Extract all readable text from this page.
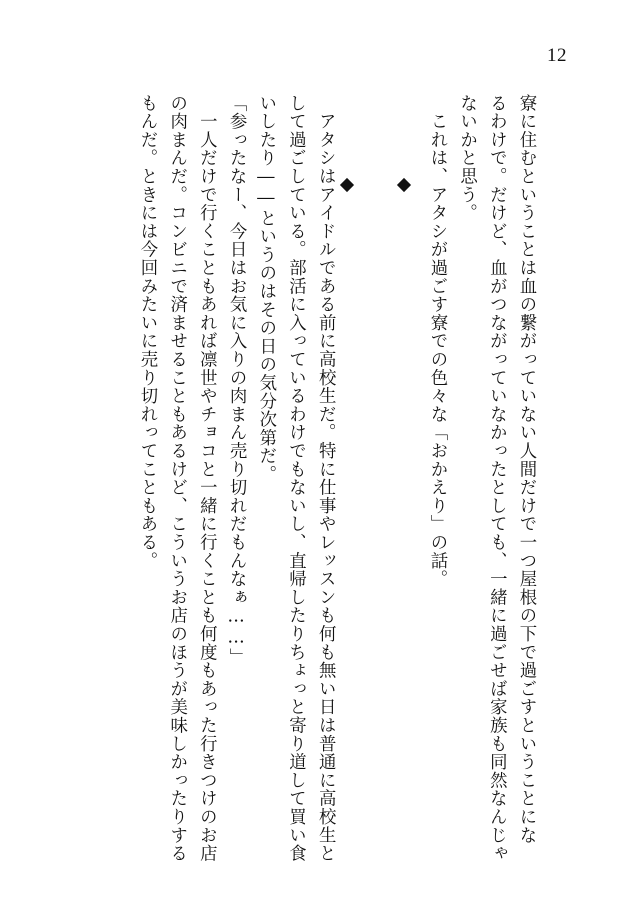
12
寮に住むということは血の繋がっていない人間だけで一つ屋根の下で過ごすということにな
るわけで。だけど、血がつながっていなかったとしても、一緒に過ごせば家族も同然なんじゃ
ないかと思う。
　これは、アタシが過ごす寮での色々な「おかえり」の話。
　アタシはアイドルである前に高校生だ。特に仕事やレッスンも何も無い日は普通に高校生と
して過ごしている。部活に入っているわけでもないし、直帰したりちょっと寄り道して買い食
いしたり――というのはその日の気分次第だ。
「参ったなー、今日はお気に入りの肉まん売り切れだもんなぁ……」
　一人だけで行くこともあれば凛世やチョコと一緒に行くことも何度もあった行きつけのお店
の肉まんだ。コンビニで済ませることもあるけど、こういうお店のほうが美味しかったりする
もんだ。ときには今回みたいに売り切れってこともある。
